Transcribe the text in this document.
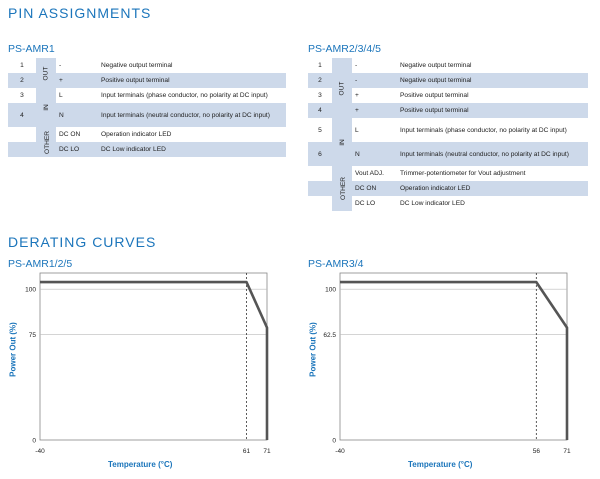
PIN ASSIGNMENTS
PS-AMR1
1	OUT	-	Negative output terminal
2		+	Positive output terminal
3	IN	L	Input terminals (phase conductor, no polarity at DC input)
4		N	Input terminals (neutral conductor, no polarity at DC input)
	OTHER	DC ON	Operation indicator LED
		DC LO	DC Low indicator LED
PS-AMR2/3/4/5
1	OUT	-	Negative output terminal
2		-	Negative output terminal
3		+	Positive output terminal
4		+	Positive output terminal
5	IN	L	Input terminals (phase conductor, no polarity at DC input)
6		N	Input terminals (neutral conductor, no polarity at DC input)
	OTHER	Vout ADJ.	Trimmer-potentiometer for Vout adjustment
		DC ON	Operation indicator LED
		DC LO	DC Low indicator LED
DERATING CURVES
PS-AMR1/2/5
Power Out (%)
0
75
100
-40	61 71
Temperature (°C)
PS-AMR3/4
Power Out (%)
0
62.5
100
-40	56	71
Temperature (°C)
